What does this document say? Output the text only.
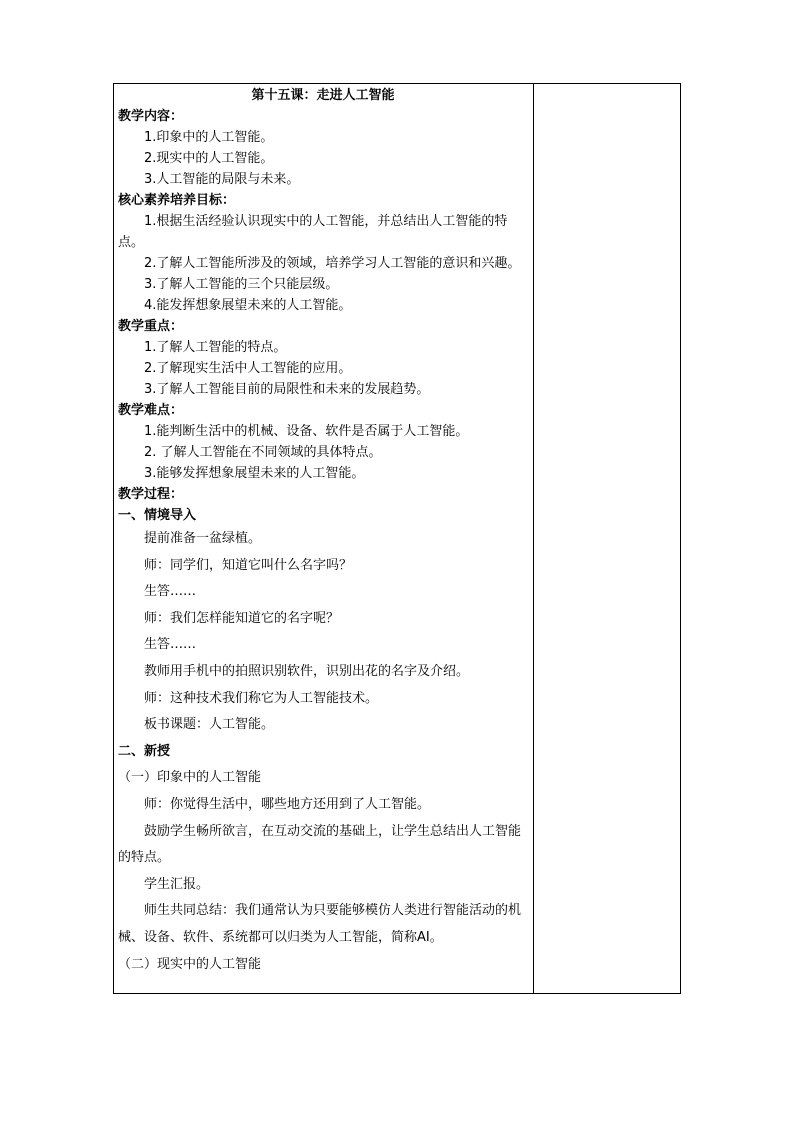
第十五课：走进人工智能
教学内容：
1.印象中的人工智能。
2.现实中的人工智能。
3.人工智能的局限与未来。
核心素养培养目标：
1.根据生活经验认识现实中的人工智能，并总结出人工智能的特点。
2.了解人工智能所涉及的领域，培养学习人工智能的意识和兴趣。
3.了解人工智能的三个只能层级。
4.能发挥想象展望未来的人工智能。
教学重点：
1.了解人工智能的特点。
2.了解现实生活中人工智能的应用。
3.了解人工智能目前的局限性和未来的发展趋势。
教学难点：
1.能判断生活中的机械、设备、软件是否属于人工智能。
2. 了解人工智能在不同领域的具体特点。
3.能够发挥想象展望未来的人工智能。
教学过程：
一、情境导入
提前准备一盆绿植。
师：同学们，知道它叫什么名字吗？
生答……
师：我们怎样能知道它的名字呢？
生答……
教师用手机中的拍照识别软件，识别出花的名字及介绍。
师：这种技术我们称它为人工智能技术。
板书课题：人工智能。
二、新授
（一）印象中的人工智能
师：你觉得生活中，哪些地方还用到了人工智能。
鼓励学生畅所欲言，在互动交流的基础上，让学生总结出人工智能的特点。
学生汇报。
师生共同总结：我们通常认为只要能够模仿人类进行智能活动的机械、设备、软件、系统都可以归类为人工智能，简称AI。
（二）现实中的人工智能
